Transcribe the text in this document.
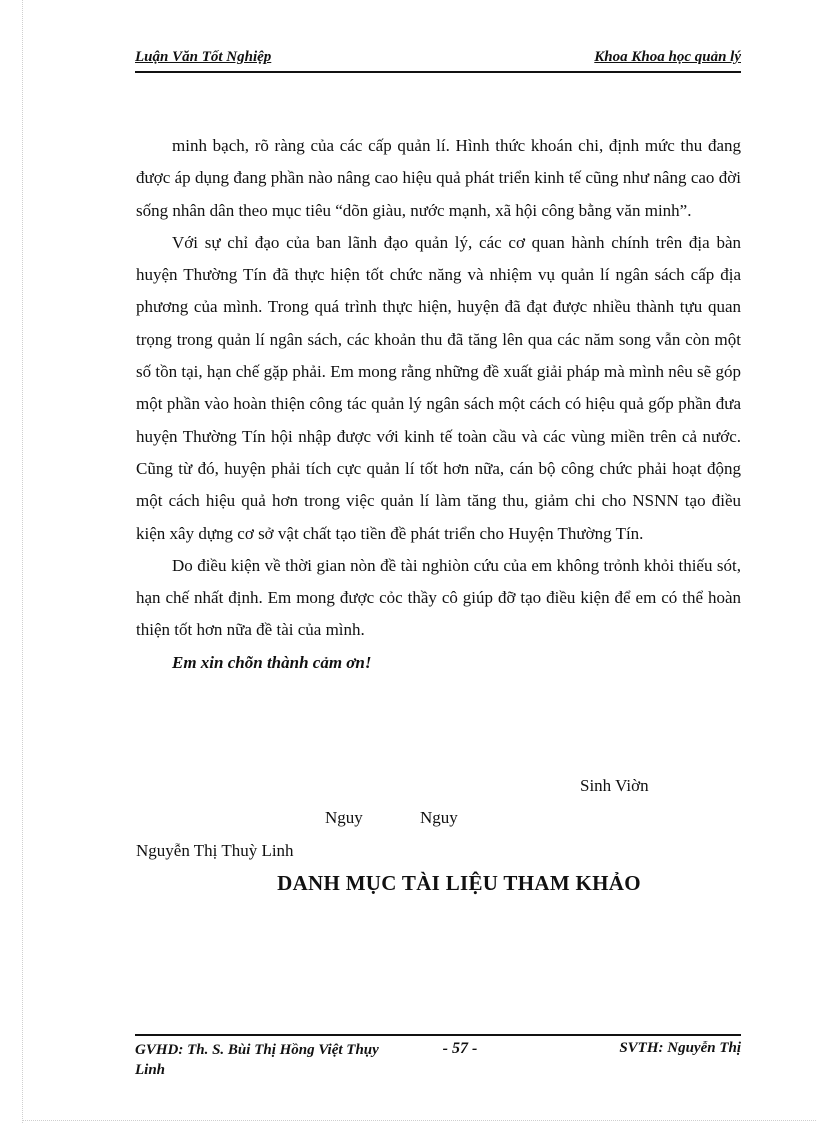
Luận Văn Tốt Nghiệp	Khoa Khoa học quản lý

minh bạch, rõ ràng của các cấp quản lí. Hình thức khoán chi, định mức thu đang được áp dụng đang phần nào nâng cao hiệu quả phát triển kinh tế cũng như nâng cao đời sống nhân dân theo mục tiêu “dõn giàu, nước mạnh, xã hội công bằng văn minh”.

Với sự chỉ đạo của ban lãnh đạo quản lý, các cơ quan hành chính trên địa bàn huyện Thường Tín đã thực hiện tốt chức năng và nhiệm vụ quản lí ngân sách cấp địa phương của mình. Trong quá trình thực hiện, huyện đã đạt được nhiều thành tựu quan trọng trong quản lí ngân sách, các khoản thu đã tăng lên qua các năm song vẫn còn một số tồn tại, hạn chế gặp phải. Em mong rằng những đề xuất giải pháp mà mình nêu sẽ góp một phần vào hoàn thiện công tác quản lý ngân sách một cách có hiệu quả gốp phần đưa huyện Thường Tín hội nhập được với kinh tế toàn cầu và các vùng miền trên cả nước. Cũng từ đó, huyện phải tích cực quản lí tốt hơn nữa, cán bộ công chức phải hoạt động một cách hiệu quả hơn trong việc quản lí làm tăng thu, giảm chi cho NSNN tạo điều kiện xây dựng cơ sở vật chất tạo tiền đề phát triển cho Huyện Thường Tín.

Do điều kiện về thời gian nòn đề tài nghiòn cứu của em không trỏnh khỏi thiếu sót, hạn chế nhất định. Em mong được cỏc thầy cô giúp đỡ tạo điều kiện để em có thể hoàn thiện tốt hơn nữa đề tài của mình.

Em xin chõn thành cảm ơn!

Sinh Viờn
Nguy	Nguy
Nguyễn Thị Thuỳ Linh
DANH MỤC TÀI LIỆU THAM KHẢO
GVHD: Th. S. Bùi Thị Hồng Việt Thụy Linh
- 57 -	SVTH: Nguyễn Thị
